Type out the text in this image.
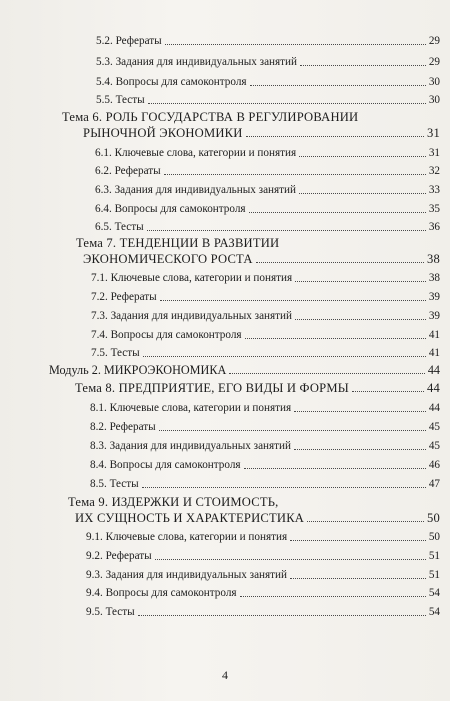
5.2. Рефераты	29
5.3. Задания для индивидуальных занятий	29
5.4. Вопросы для самоконтроля	30
5.5. Тесты	30
Тема 6. РОЛЬ ГОСУДАРСТВА В РЕГУЛИРОВАНИИ
РЫНОЧНОЙ ЭКОНОМИКИ	31
6.1. Ключевые слова, категории и понятия	31
6.2. Рефераты	32
6.3. Задания для индивидуальных занятий	33
6.4. Вопросы для самоконтроля	35
6.5. Тесты	36
Тема 7. ТЕНДЕНЦИИ В РАЗВИТИИ
ЭКОНОМИЧЕСКОГО РОСТА	38
7.1. Ключевые слова, категории и понятия	38
7.2. Рефераты	39
7.3. Задания для индивидуальных занятий	39
7.4. Вопросы для самоконтроля	41
7.5. Тесты	41
Модуль 2. МИКРОЭКОНОМИКА	44
Тема 8. ПРЕДПРИЯТИЕ, ЕГО ВИДЫ И ФОРМЫ	44
8.1. Ключевые слова, категории и понятия	44
8.2. Рефераты	45
8.3. Задания для индивидуальных занятий	45
8.4. Вопросы для самоконтроля	46
8.5. Тесты	47
Тема 9. ИЗДЕРЖКИ И СТОИМОСТЬ,
ИХ СУЩНОСТЬ И ХАРАКТЕРИСТИКА	50
9.1. Ключевые слова, категории и понятия	50
9.2. Рефераты	51
9.3. Задания для индивидуальных занятий	51
9.4. Вопросы для самоконтроля	54
9.5. Тесты	54
4
